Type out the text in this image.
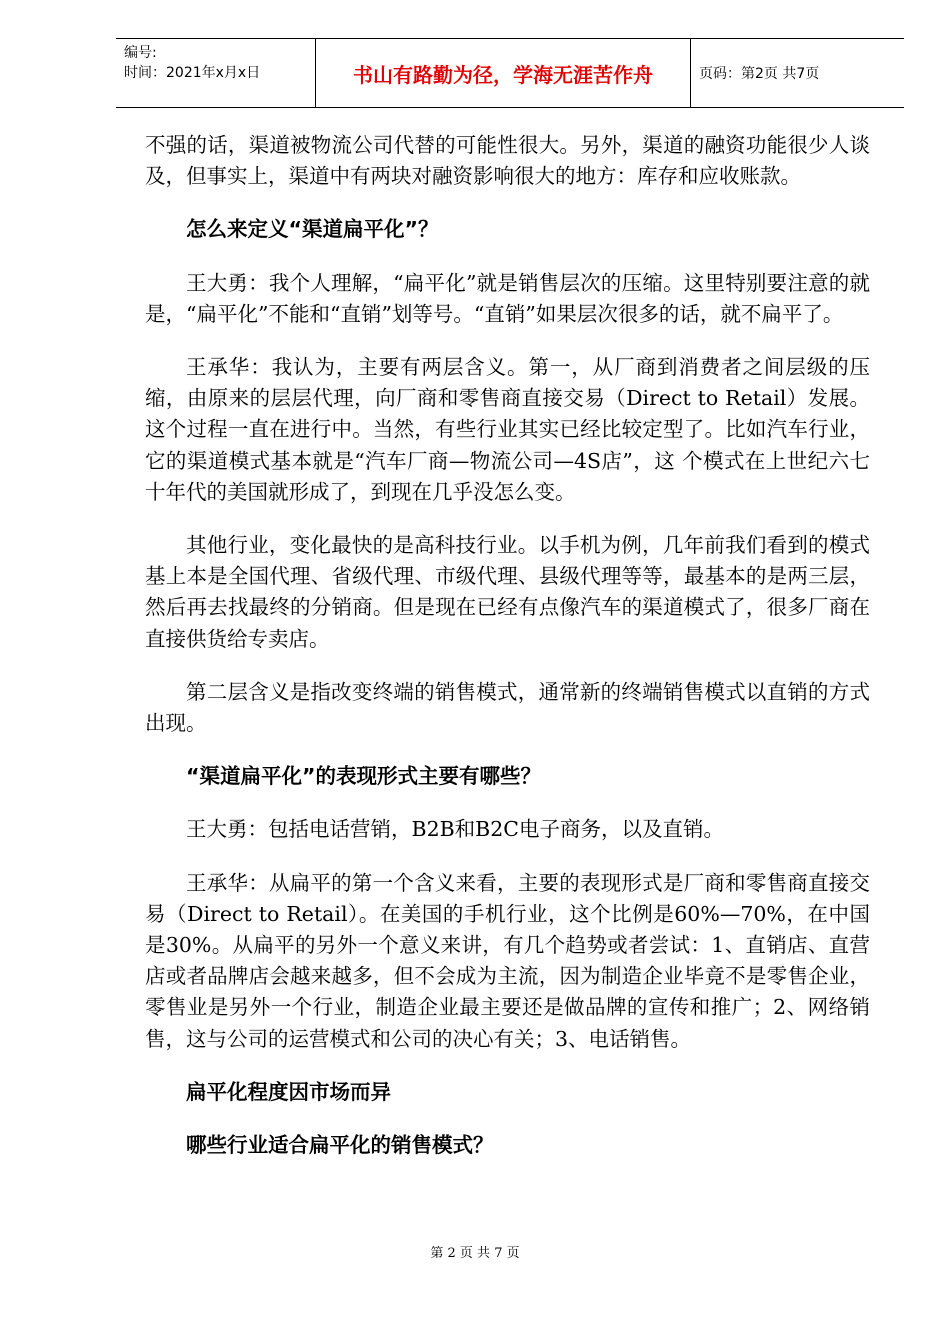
编号:
时间：2021年x月x日	书山有路勤为径，学海无涯苦作舟	页码：第2页 共7页

不强的话，渠道被物流公司代替的可能性很大。另外，渠道的融资功能很少人谈及，但事实上，渠道中有两块对融资影响很大的地方：库存和应收账款。

怎么来定义“渠道扁平化”？

王大勇：我个人理解，“扁平化”就是销售层次的压缩。这里特别要注意的就是，“扁平化”不能和“直销”划等号。“直销”如果层次很多的话，就不扁平了。

王承华：我认为，主要有两层含义。第一，从厂商到消费者之间层级的压缩，由原来的层层代理，向厂商和零售商直接交易（Direct to Retail）发展。这个过程一直在进行中。当然，有些行业其实已经比较定型了。比如汽车行业，它的渠道模式基本就是“汽车厂商—物流公司—4S店”，这 个模式在上世纪六七十年代的美国就形成了，到现在几乎没怎么变。

其他行业，变化最快的是高科技行业。以手机为例，几年前我们看到的模式基上本是全国代理、省级代理、市级代理、县级代理等等，最基本的是两三层，然后再去找最终的分销商。但是现在已经有点像汽车的渠道模式了，很多厂商在直接供货给专卖店。

第二层含义是指改变终端的销售模式，通常新的终端销售模式以直销的方式出现。

“渠道扁平化”的表现形式主要有哪些？

王大勇：包括电话营销，B2B和B2C电子商务，以及直销。

王承华：从扁平的第一个含义来看，主要的表现形式是厂商和零售商直接交易（Direct to Retail）。在美国的手机行业，这个比例是60%—70%，在中国是30%。从扁平的另外一个意义来讲，有几个趋势或者尝试：1、直销店、直营店或者品牌店会越来越多，但不会成为主流，因为制造企业毕竟不是零售企业，零售业是另外一个行业，制造企业最主要还是做品牌的宣传和推广；2、网络销售，这与公司的运营模式和公司的决心有关；3、电话销售。

扁平化程度因市场而异

哪些行业适合扁平化的销售模式？

第 2 页 共 7 页
